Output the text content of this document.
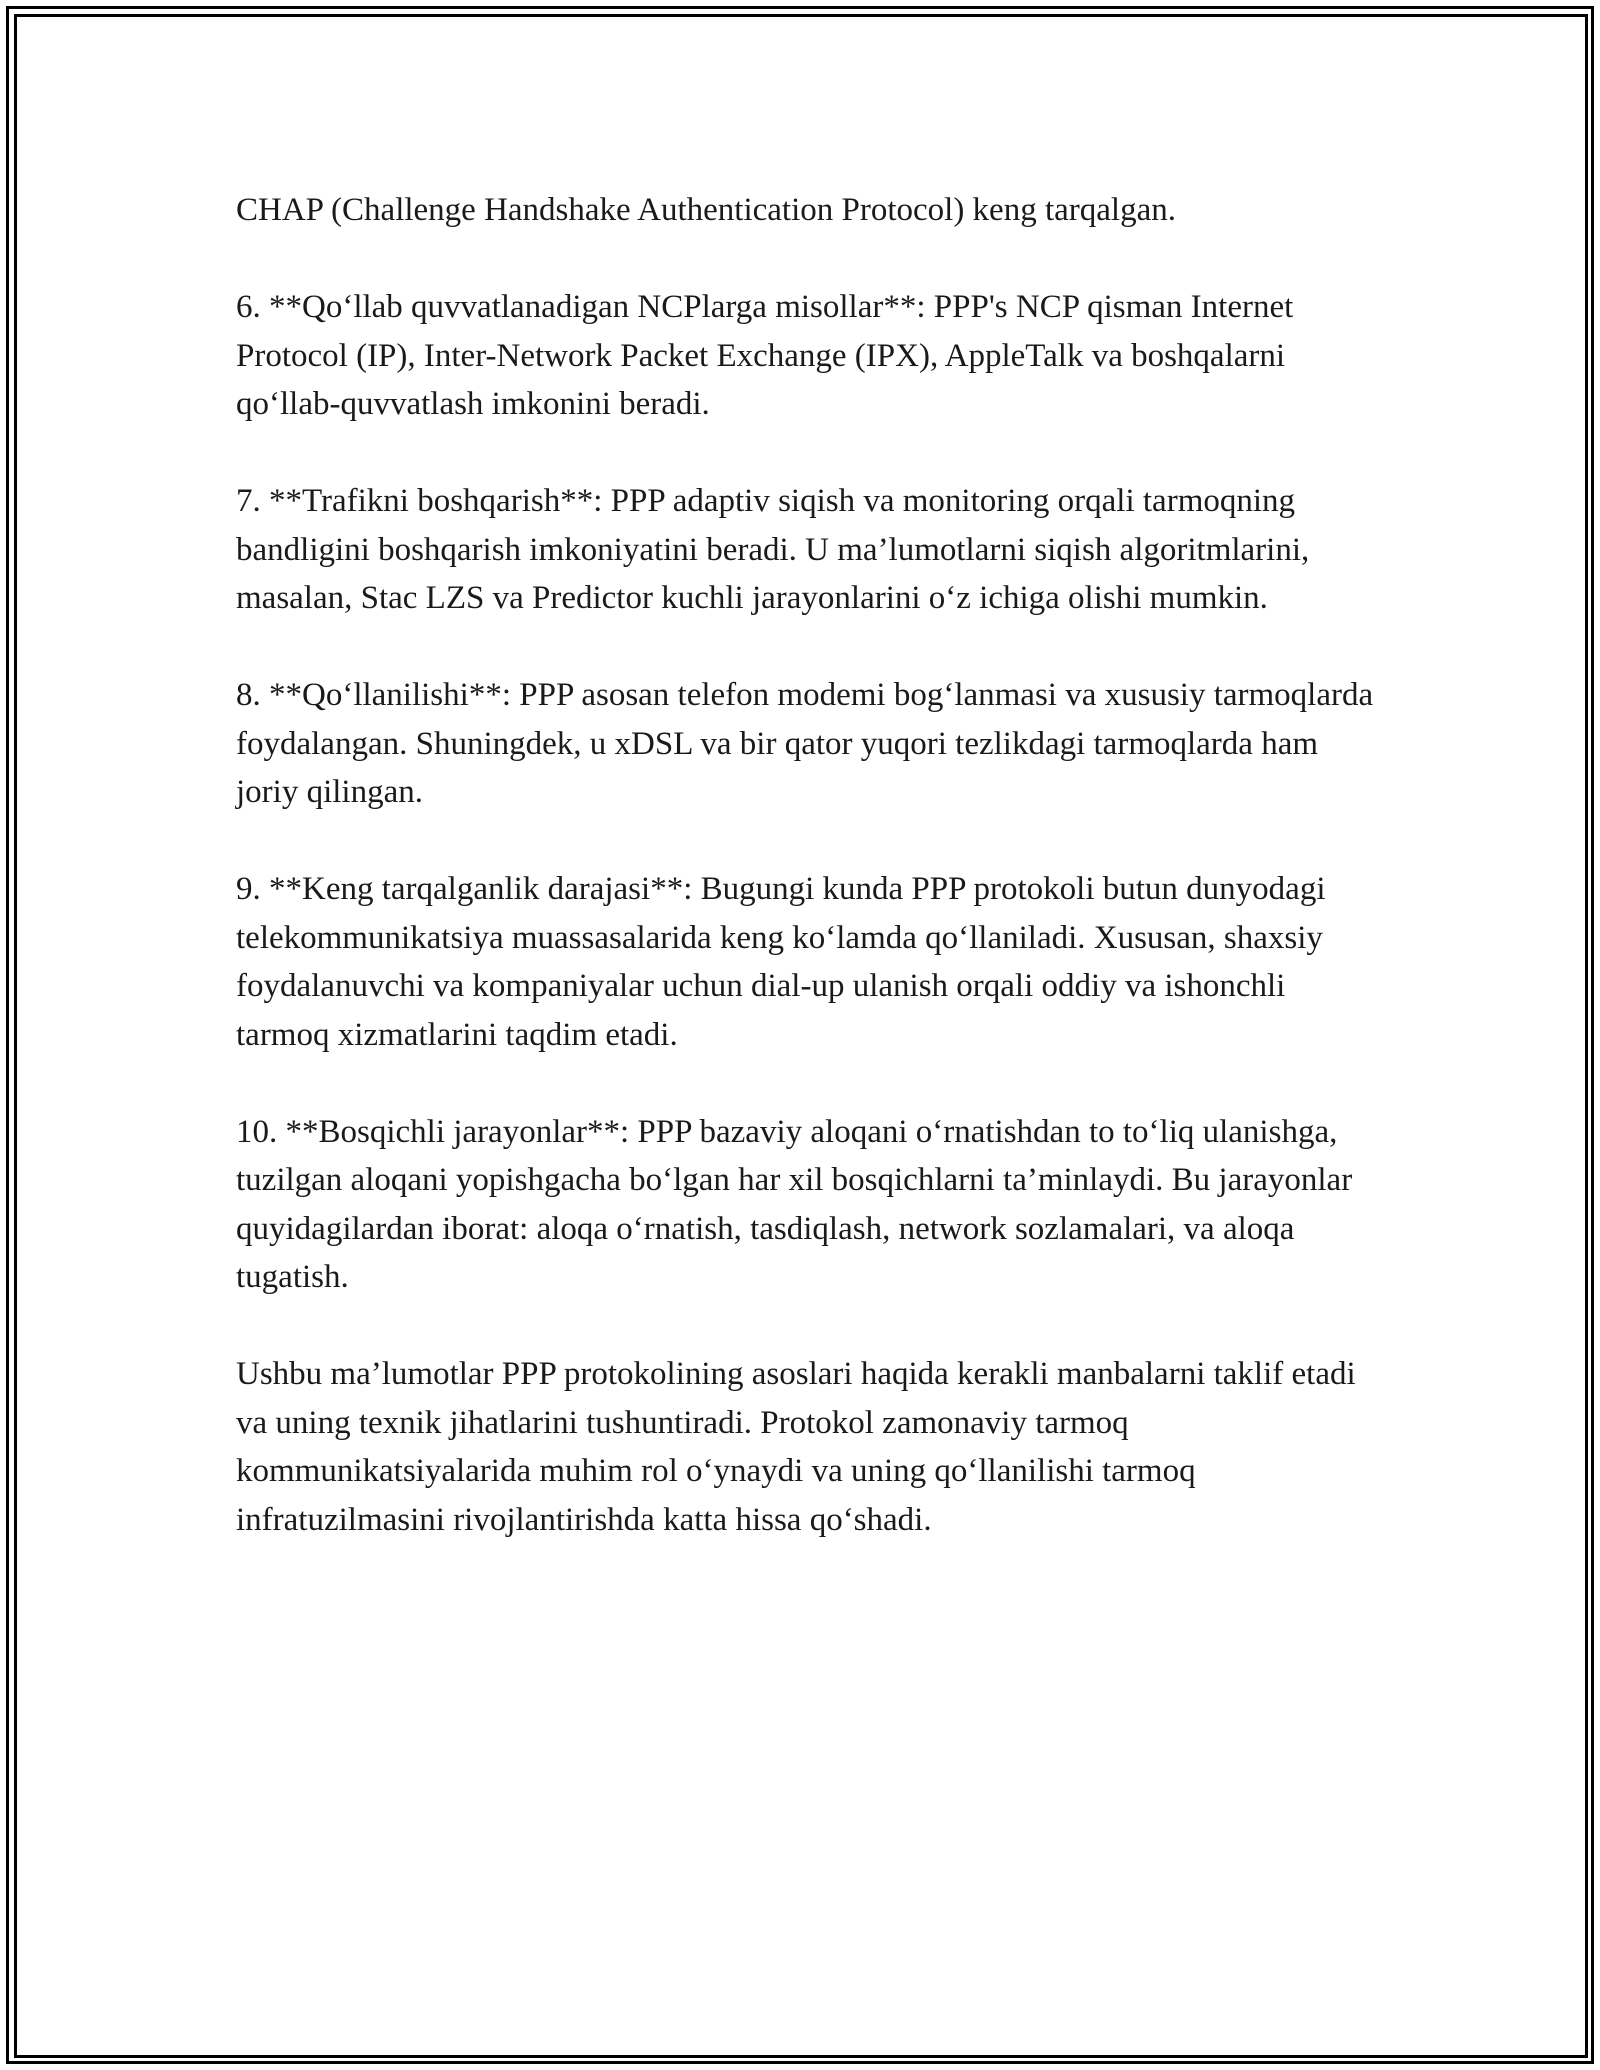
CHAP (Challenge Handshake Authentication Protocol) keng tarqalgan.

6. **Qo‘llab quvvatlanadigan NCPlarga misollar**: PPP's NCP qisman Internet Protocol (IP), Inter-Network Packet Exchange (IPX), AppleTalk va boshqalarni qo‘llab-quvvatlash imkonini beradi.

7. **Trafikni boshqarish**: PPP adaptiv siqish va monitoring orqali tarmoqning bandligini boshqarish imkoniyatini beradi. U ma’lumotlarni siqish algoritmlarini, masalan, Stac LZS va Predictor kuchli jarayonlarini o‘z ichiga olishi mumkin.

8. **Qo‘llanilishi**: PPP asosan telefon modemi bog‘lanmasi va xususiy tarmoqlarda foydalangan. Shuningdek, u xDSL va bir qator yuqori tezlikdagi tarmoqlarda ham joriy qilingan.

9. **Keng tarqalganlik darajasi**: Bugungi kunda PPP protokoli butun dunyodagi telekommunikatsiya muassasalarida keng ko‘lamda qo‘llaniladi. Xususan, shaxsiy foydalanuvchi va kompaniyalar uchun dial-up ulanish orqali oddiy va ishonchli tarmoq xizmatlarini taqdim etadi.

10. **Bosqichli jarayonlar**: PPP bazaviy aloqani o‘rnatishdan to to‘liq ulanishga, tuzilgan aloqani yopishgacha bo‘lgan har xil bosqichlarni ta’minlaydi. Bu jarayonlar quyidagilardan iborat: aloqa o‘rnatish, tasdiqlash, network sozlamalari, va aloqa tugatish.

Ushbu ma’lumotlar PPP protokolining asoslari haqida kerakli manbalarni taklif etadi va uning texnik jihatlarini tushuntiradi. Protokol zamonaviy tarmoq kommunikatsiyalarida muhim rol o‘ynaydi va uning qo‘llanilishi tarmoq infratuzilmasini rivojlantirishda katta hissa qo‘shadi.
